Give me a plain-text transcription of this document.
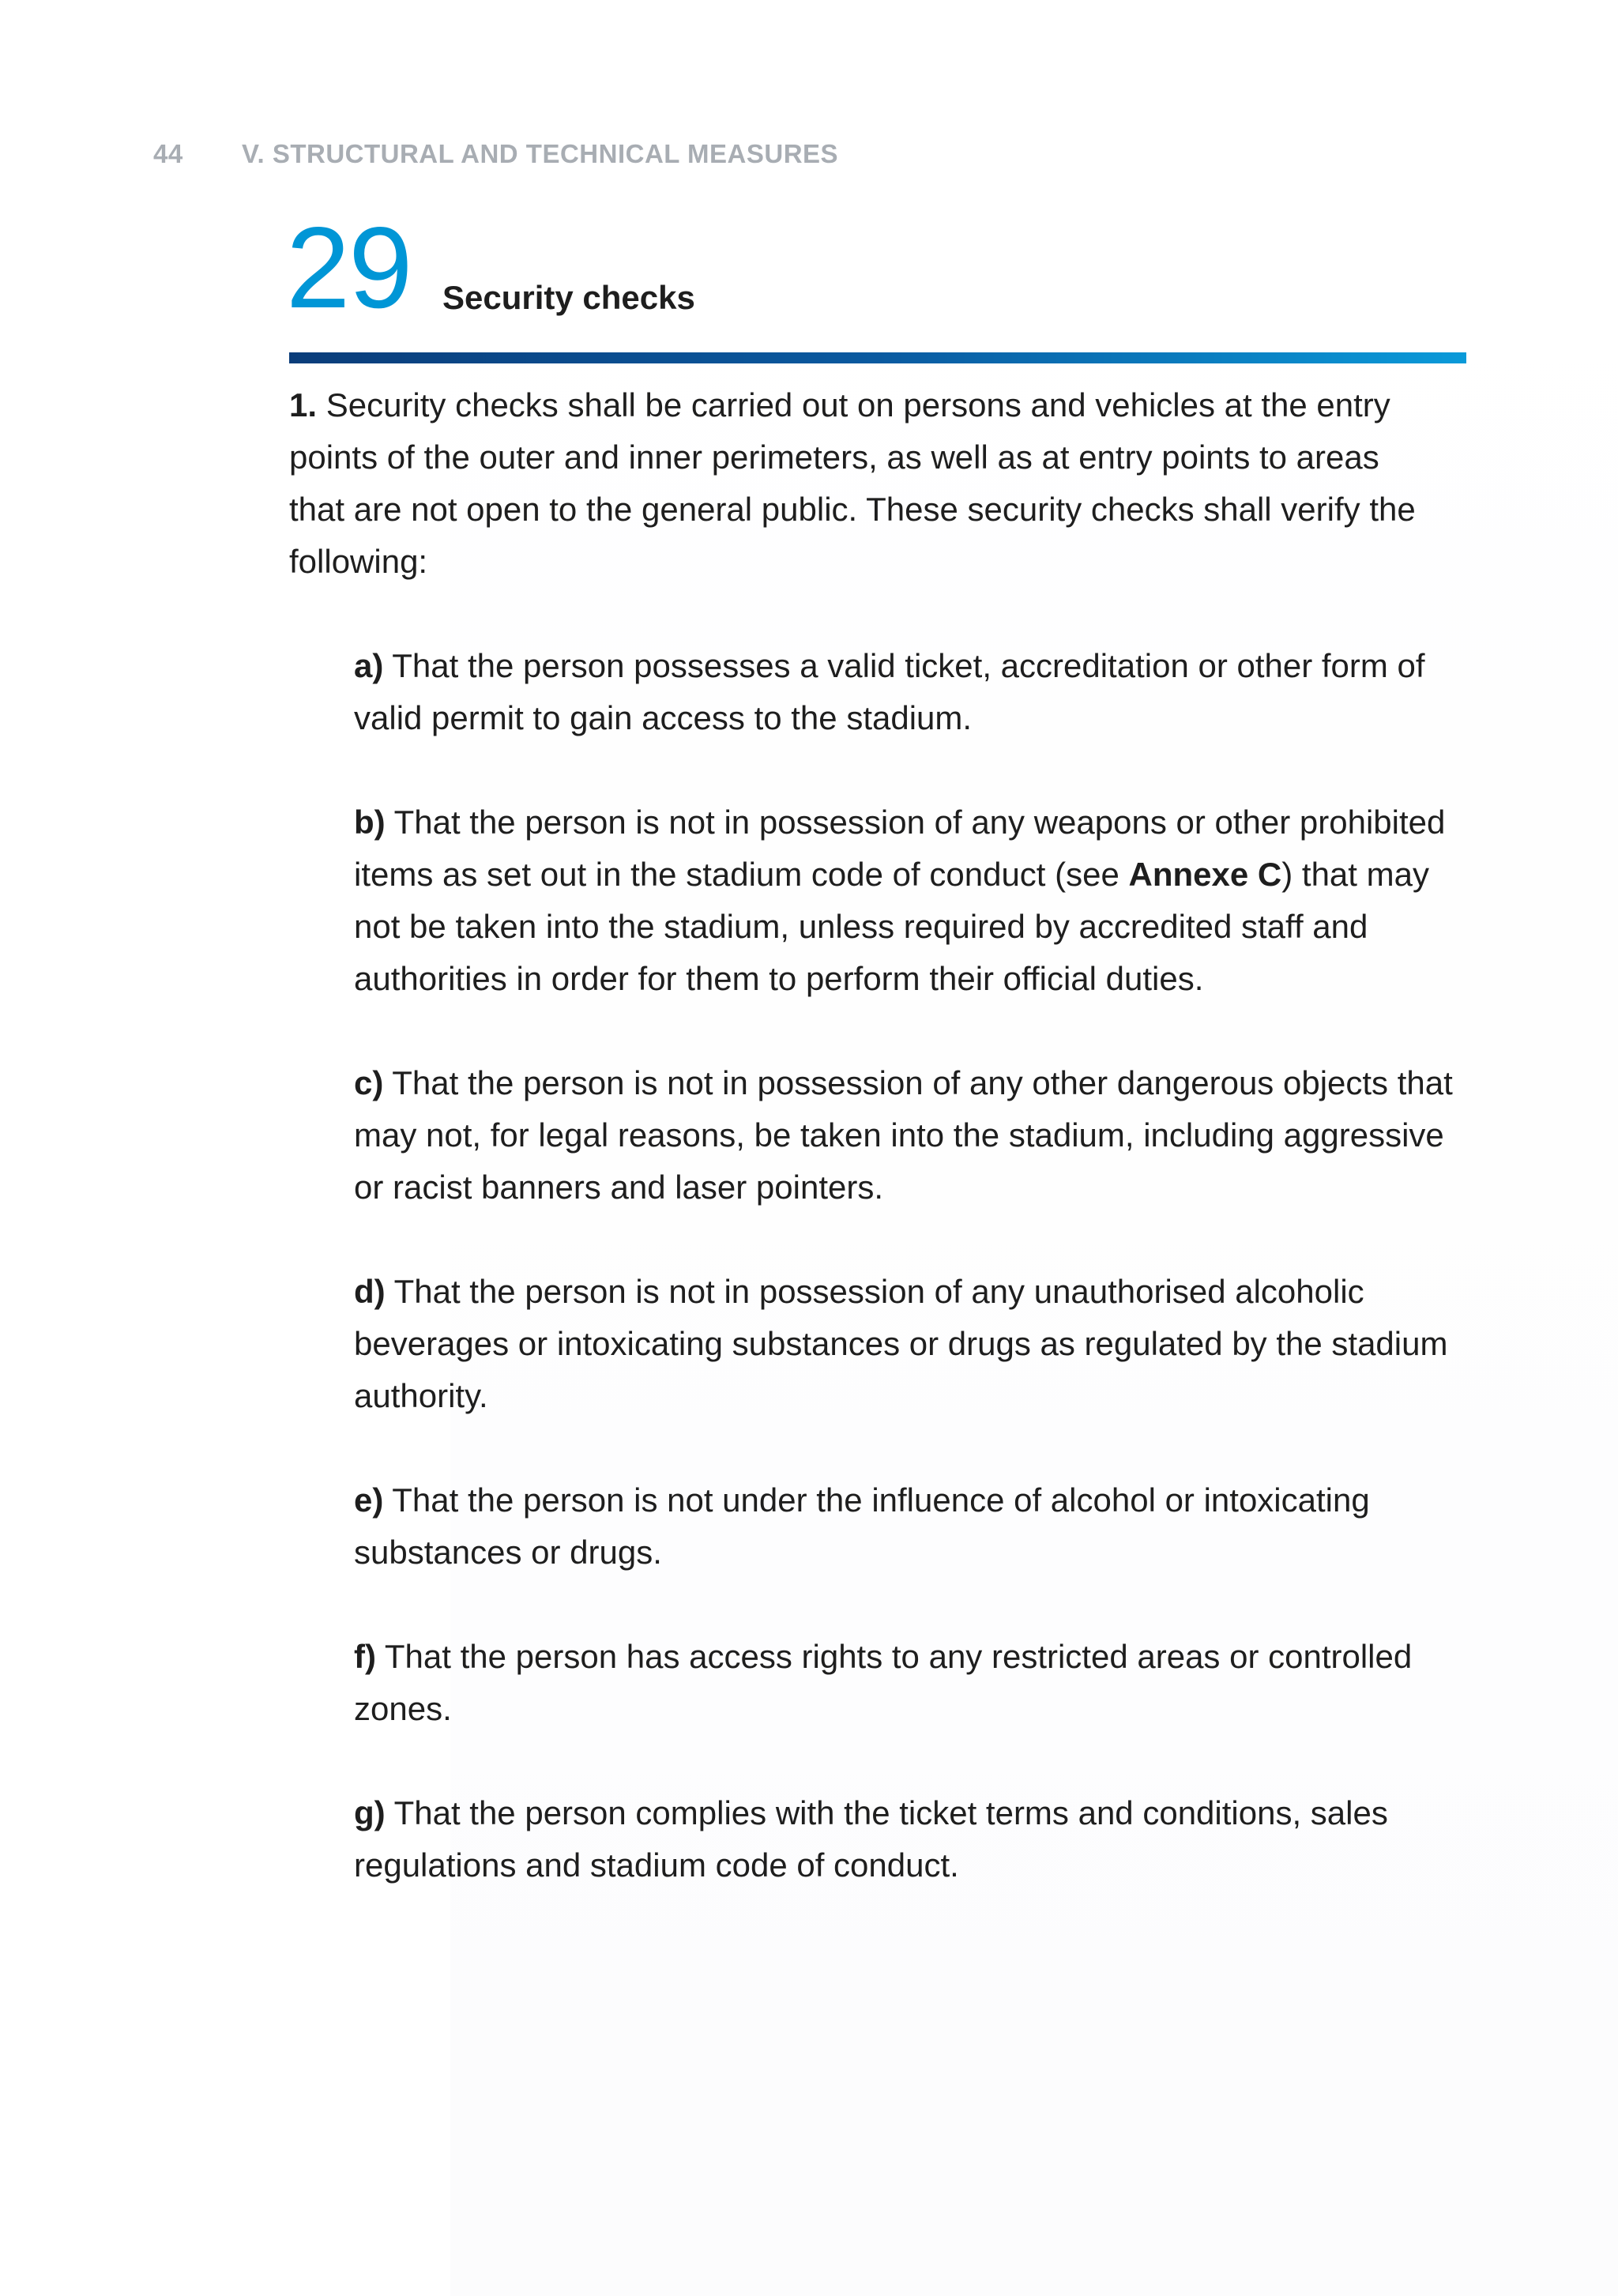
44 V. STRUCTURAL AND TECHNICAL MEASURES
29 Security checks

1. Security checks shall be carried out on persons and vehicles at the entry points of the outer and inner perimeters, as well as at entry points to areas that are not open to the general public. These security checks shall verify the following:

a) That the person possesses a valid ticket, accreditation or other form of valid permit to gain access to the stadium.

b) That the person is not in possession of any weapons or other prohibited items as set out in the stadium code of conduct (see Annexe C) that may not be taken into the stadium, unless required by accredited staff and authorities in order for them to perform their official duties.

c) That the person is not in possession of any other dangerous objects that may not, for legal reasons, be taken into the stadium, including aggressive or racist banners and laser pointers.

d) That the person is not in possession of any unauthorised alcoholic beverages or intoxicating substances or drugs as regulated by the stadium authority.

e) That the person is not under the influence of alcohol or intoxicating substances or drugs.

f) That the person has access rights to any restricted areas or controlled zones.

g) That the person complies with the ticket terms and conditions, sales regulations and stadium code of conduct.
